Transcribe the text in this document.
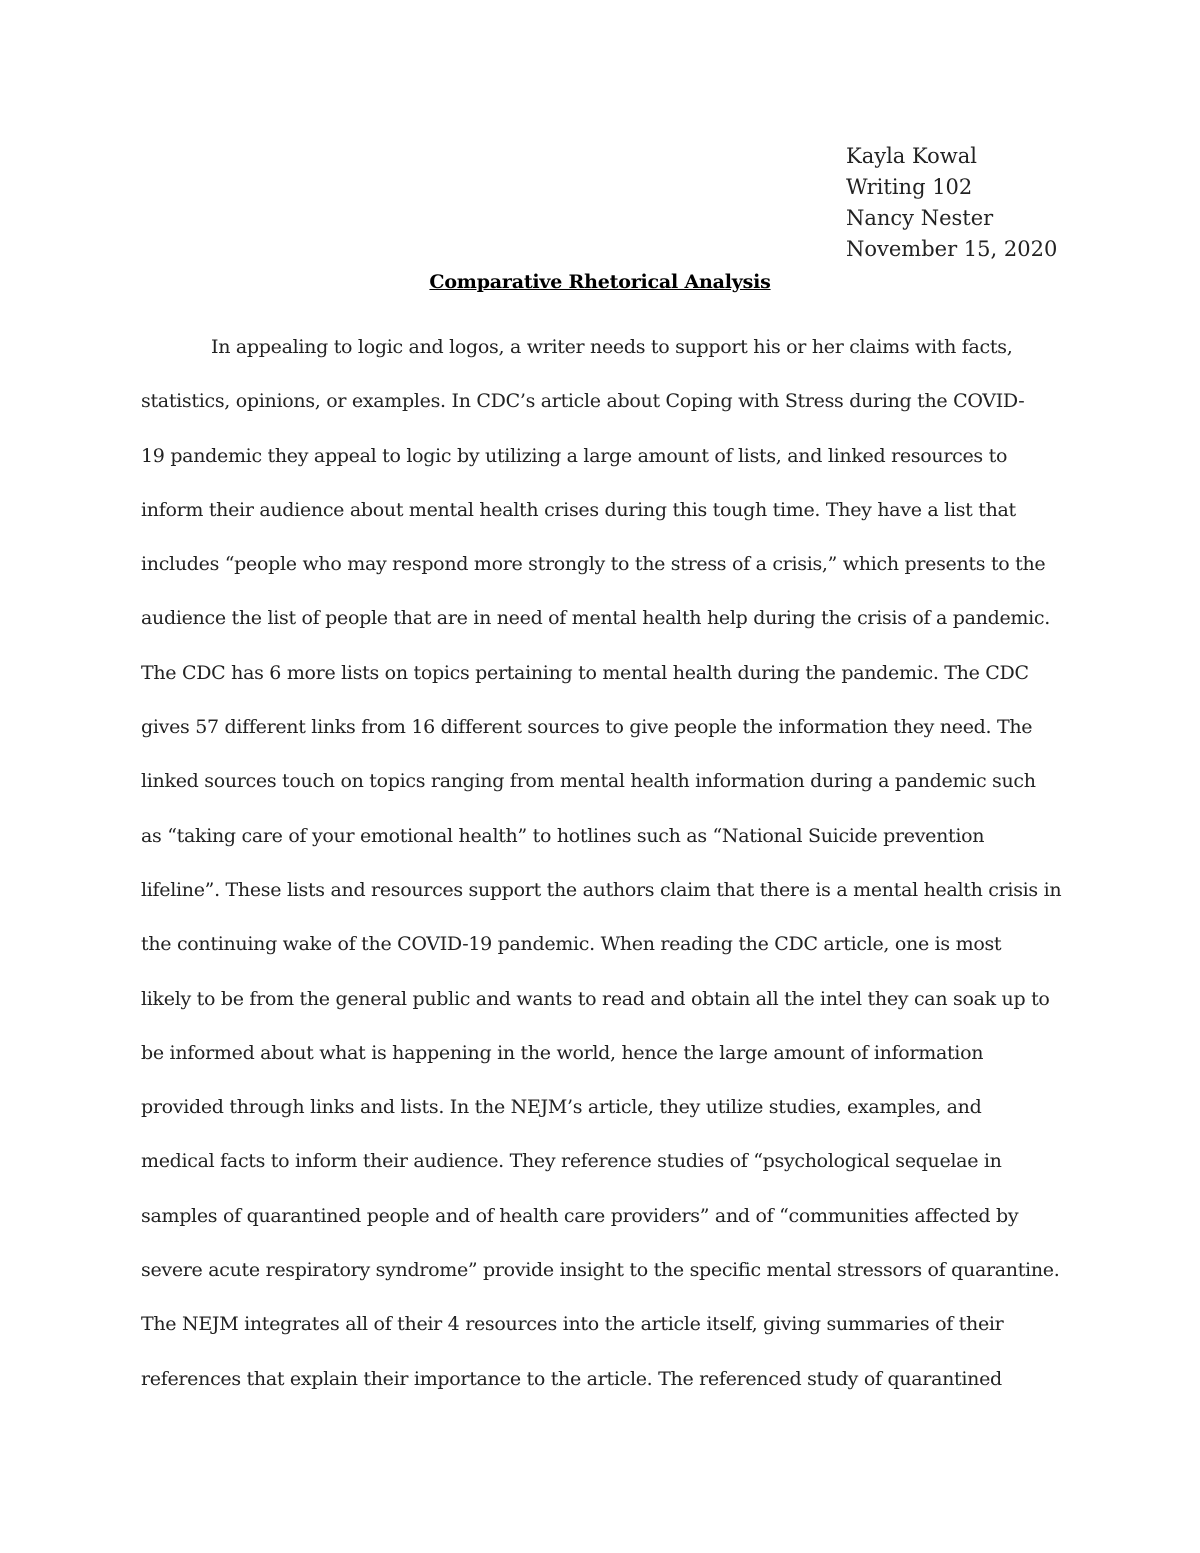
Kayla Kowal
Writing 102
Nancy Nester
November 15, 2020
Comparative Rhetorical Analysis
In appealing to logic and logos, a writer needs to support his or her claims with facts,
statistics, opinions, or examples. In CDC’s article about Coping with Stress during the COVID-
19 pandemic they appeal to logic by utilizing a large amount of lists, and linked resources to
inform their audience about mental health crises during this tough time. They have a list that
includes “people who may respond more strongly to the stress of a crisis,” which presents to the
audience the list of people that are in need of mental health help during the crisis of a pandemic.
The CDC has 6 more lists on topics pertaining to mental health during the pandemic. The CDC
gives 57 different links from 16 different sources to give people the information they need. The
linked sources touch on topics ranging from mental health information during a pandemic such
as “taking care of your emotional health” to hotlines such as “National Suicide prevention
lifeline”. These lists and resources support the authors claim that there is a mental health crisis in
the continuing wake of the COVID-19 pandemic. When reading the CDC article, one is most
likely to be from the general public and wants to read and obtain all the intel they can soak up to
be informed about what is happening in the world, hence the large amount of information
provided through links and lists. In the NEJM’s article, they utilize studies, examples, and
medical facts to inform their audience. They reference studies of “psychological sequelae in
samples of quarantined people and of health care providers” and of “communities affected by
severe acute respiratory syndrome” provide insight to the specific mental stressors of quarantine.
The NEJM integrates all of their 4 resources into the article itself, giving summaries of their
references that explain their importance to the article. The referenced study of quarantined
